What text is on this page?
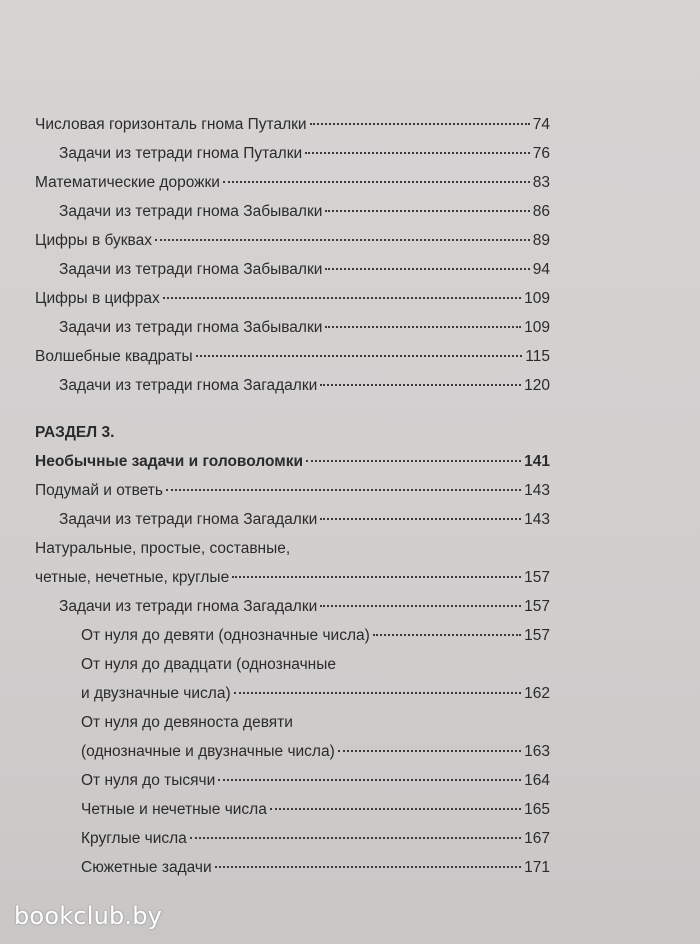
Числовая горизонталь гнома Путалки	74
Задачи из тетради гнома Путалки	76
Математические дорожки	83
Задачи из тетради гнома Забывалки	86
Цифры в буквах	89
Задачи из тетради гнома Забывалки	94
Цифры в цифрах	109
Задачи из тетради гнома Забывалки	109
Волшебные квадраты	115
Задачи из тетради гнома Загадалки	120
РАЗДЕЛ 3.
Необычные задачи и головоломки	141
Подумай и ответь	143
Задачи из тетради гнома Загадалки	143
Натуральные, простые, составные,
четные, нечетные, круглые	157
Задачи из тетради гнома Загадалки	157
От нуля до девяти (однозначные числа)	157
От нуля до двадцати (однозначные
и двузначные числа)	162
От нуля до девяноста девяти
(однозначные и двузначные числа)	163
От нуля до тысячи	164
Четные и нечетные числа	165
Круглые числа	167
Сюжетные задачи	171
bookclub.by
